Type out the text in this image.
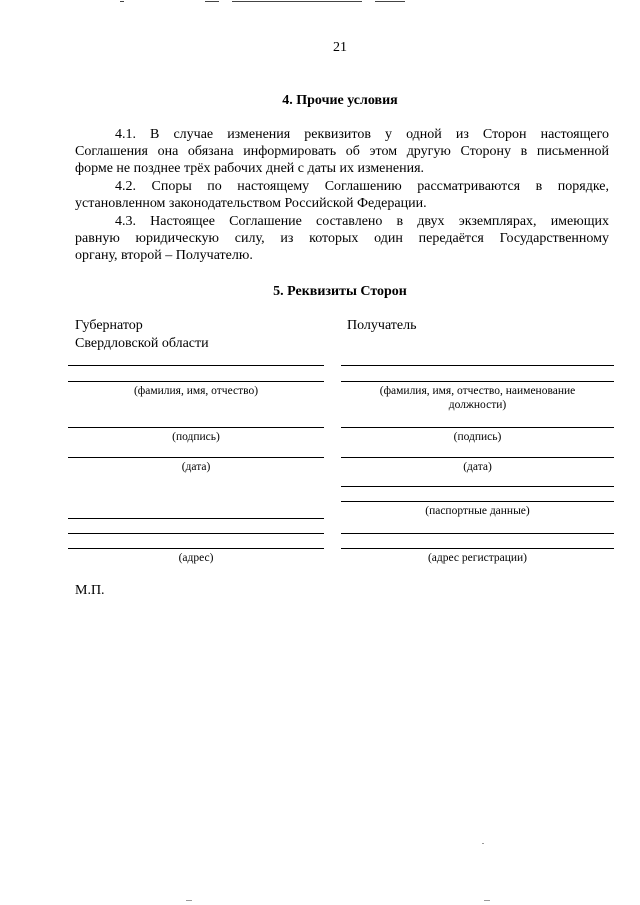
21
4. Прочие условия
4.1. В случае изменения реквизитов у одной из Сторон настоящего
Соглашения она обязана информировать об этом другую Сторону в письменной
форме не позднее трёх рабочих дней с даты их изменения.
4.2. Споры по настоящему Соглашению рассматриваются в порядке,
установленном законодательством Российской Федерации.
4.3. Настоящее Соглашение составлено в двух экземплярах, имеющих
равную юридическую силу, из которых один передаётся Государственному
органу, второй – Получателю.
5. Реквизиты Сторон
Губернатор
Свердловской области
(фамилия, имя, отчество)
(подпись)
(дата)
(адрес)
Получатель
(фамилия, имя, отчество, наименование
должности)
(подпись)
(дата)
(паспортные данные)
(адрес регистрации)
М.П.
